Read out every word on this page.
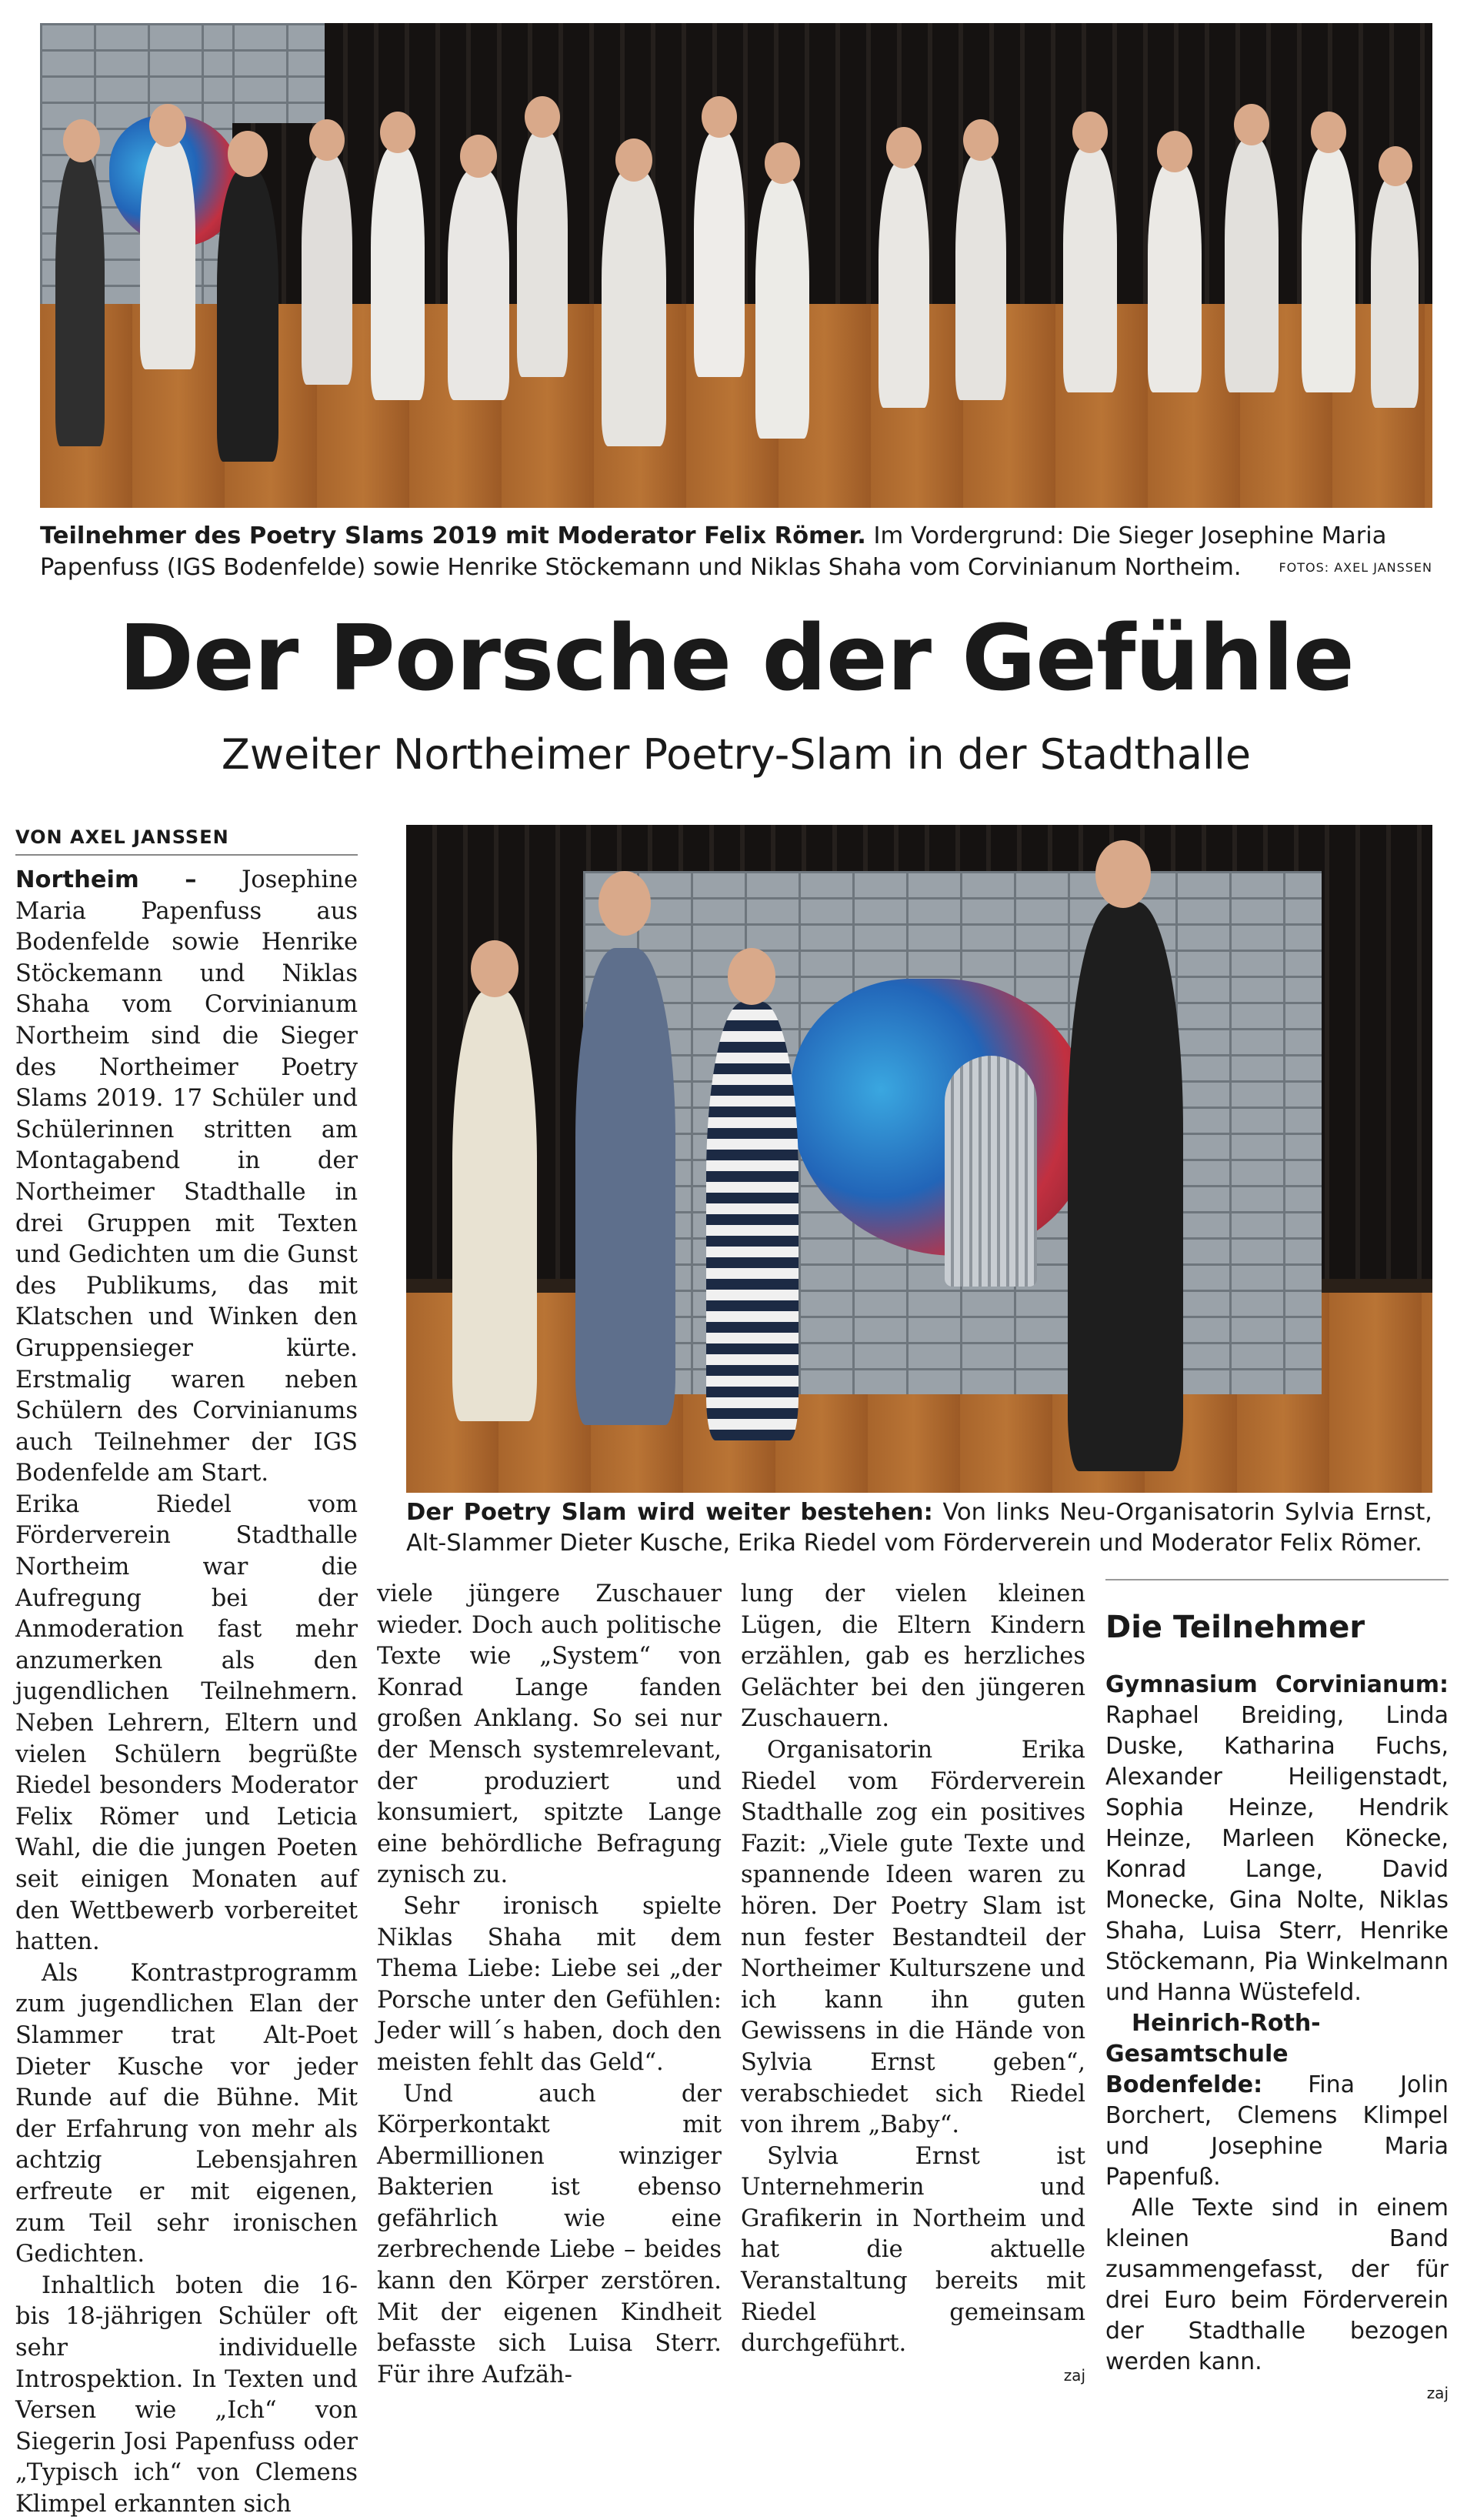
Teilnehmer des Poetry Slams 2019 mit Moderator Felix Römer. Im Vordergrund: Die Sieger Josephine Maria Papenfuss (IGS Bodenfelde) sowie Henrike Stöckemann und Niklas Shaha vom Corvinianum Northeim.	FOTOS: AXEL JANSSEN
Der Porsche der Gefühle
Zweiter Northeimer Poetry-Slam in der Stadthalle
VON AXEL JANSSEN
Der Poetry Slam wird weiter bestehen: Von links Neu-Organisatorin Sylvia Ernst, Alt-Slammer Dieter Kusche, Erika Riedel vom Förderverein und Moderator Felix Römer.

Northeim – Josephine Maria Papenfuss aus Bodenfelde sowie Henrike Stöckemann und Niklas Shaha vom Corvinianum Northeim sind die Sieger des Northeimer Poetry Slams 2019. 17 Schüler und Schülerinnen stritten am Montagabend in der Northeimer Stadthalle in drei Gruppen mit Texten und Gedichten um die Gunst des Publikums, das mit Klatschen und Winken den Gruppensieger kürte. Erstmalig waren neben Schülern des Corvinianums auch Teilnehmer der IGS Bodenfelde am Start.

Erika Riedel vom Förderverein Stadthalle Northeim war die Aufregung bei der Anmoderation fast mehr anzumerken als den jugendlichen Teilnehmern. Neben Lehrern, Eltern und vielen Schülern begrüßte Riedel besonders Moderator Felix Römer und Leticia Wahl, die die jungen Poeten seit einigen Monaten auf den Wettbewerb vorbereitet hatten.

Als Kontrastprogramm zum jugendlichen Elan der Slammer trat Alt-Poet Dieter Kusche vor jeder Runde auf die Bühne. Mit der Erfahrung von mehr als achtzig Lebensjahren erfreute er mit eigenen, zum Teil sehr ironischen Gedichten.

Inhaltlich boten die 16- bis 18-jährigen Schüler oft sehr individuelle Introspektion. In Texten und Versen wie „Ich“ von Siegerin Josi Papenfuss oder „Typisch ich“ von Clemens Klimpel erkannten sich

viele jüngere Zuschauer wieder. Doch auch politische Texte wie „System“ von Konrad Lange fanden großen Anklang. So sei nur der Mensch systemrelevant, der produziert und konsumiert, spitzte Lange eine behördliche Befragung zynisch zu.

Sehr ironisch spielte Niklas Shaha mit dem Thema Liebe: Liebe sei „der Porsche unter den Gefühlen: Jeder will´s haben, doch den meisten fehlt das Geld“.

Und auch der Körperkontakt mit Abermillionen winziger Bakterien ist ebenso gefährlich wie eine zerbrechende Liebe – beides kann den Körper zerstören. Mit der eigenen Kindheit befasste sich Luisa Sterr. Für ihre Aufzäh-

lung der vielen kleinen Lügen, die Eltern Kindern erzählen, gab es herzliches Gelächter bei den jüngeren Zuschauern.

Organisatorin Erika Riedel vom Förderverein Stadthalle zog ein positives Fazit: „Viele gute Texte und spannende Ideen waren zu hören. Der Poetry Slam ist nun fester Bestandteil der Northeimer Kulturszene und ich kann ihn guten Gewissens in die Hände von Sylvia Ernst geben“, verabschiedet sich Riedel von ihrem „Baby“.

Sylvia Ernst ist Unternehmerin und Grafikerin in Northeim und hat die aktuelle Veranstaltung bereits mit Riedel gemeinsam durchgeführt.

zaj
Die Teilnehmer

Gymnasium Corvinianum: Raphael Breiding, Linda Duske, Katharina Fuchs, Alexander Heiligenstadt, Sophia Heinze, Hendrik Heinze, Marleen Könecke, Konrad Lange, David Monecke, Gina Nolte, Niklas Shaha, Luisa Sterr, Henrike Stöckemann, Pia Winkelmann und Hanna Wüstefeld.

Heinrich-Roth-Gesamtschule Bodenfelde: Fina Jolin Borchert, Clemens Klimpel und Josephine Maria Papenfuß.

Alle Texte sind in einem kleinen Band zusammengefasst, der für drei Euro beim Förderverein der Stadthalle bezogen werden kann.

zaj
